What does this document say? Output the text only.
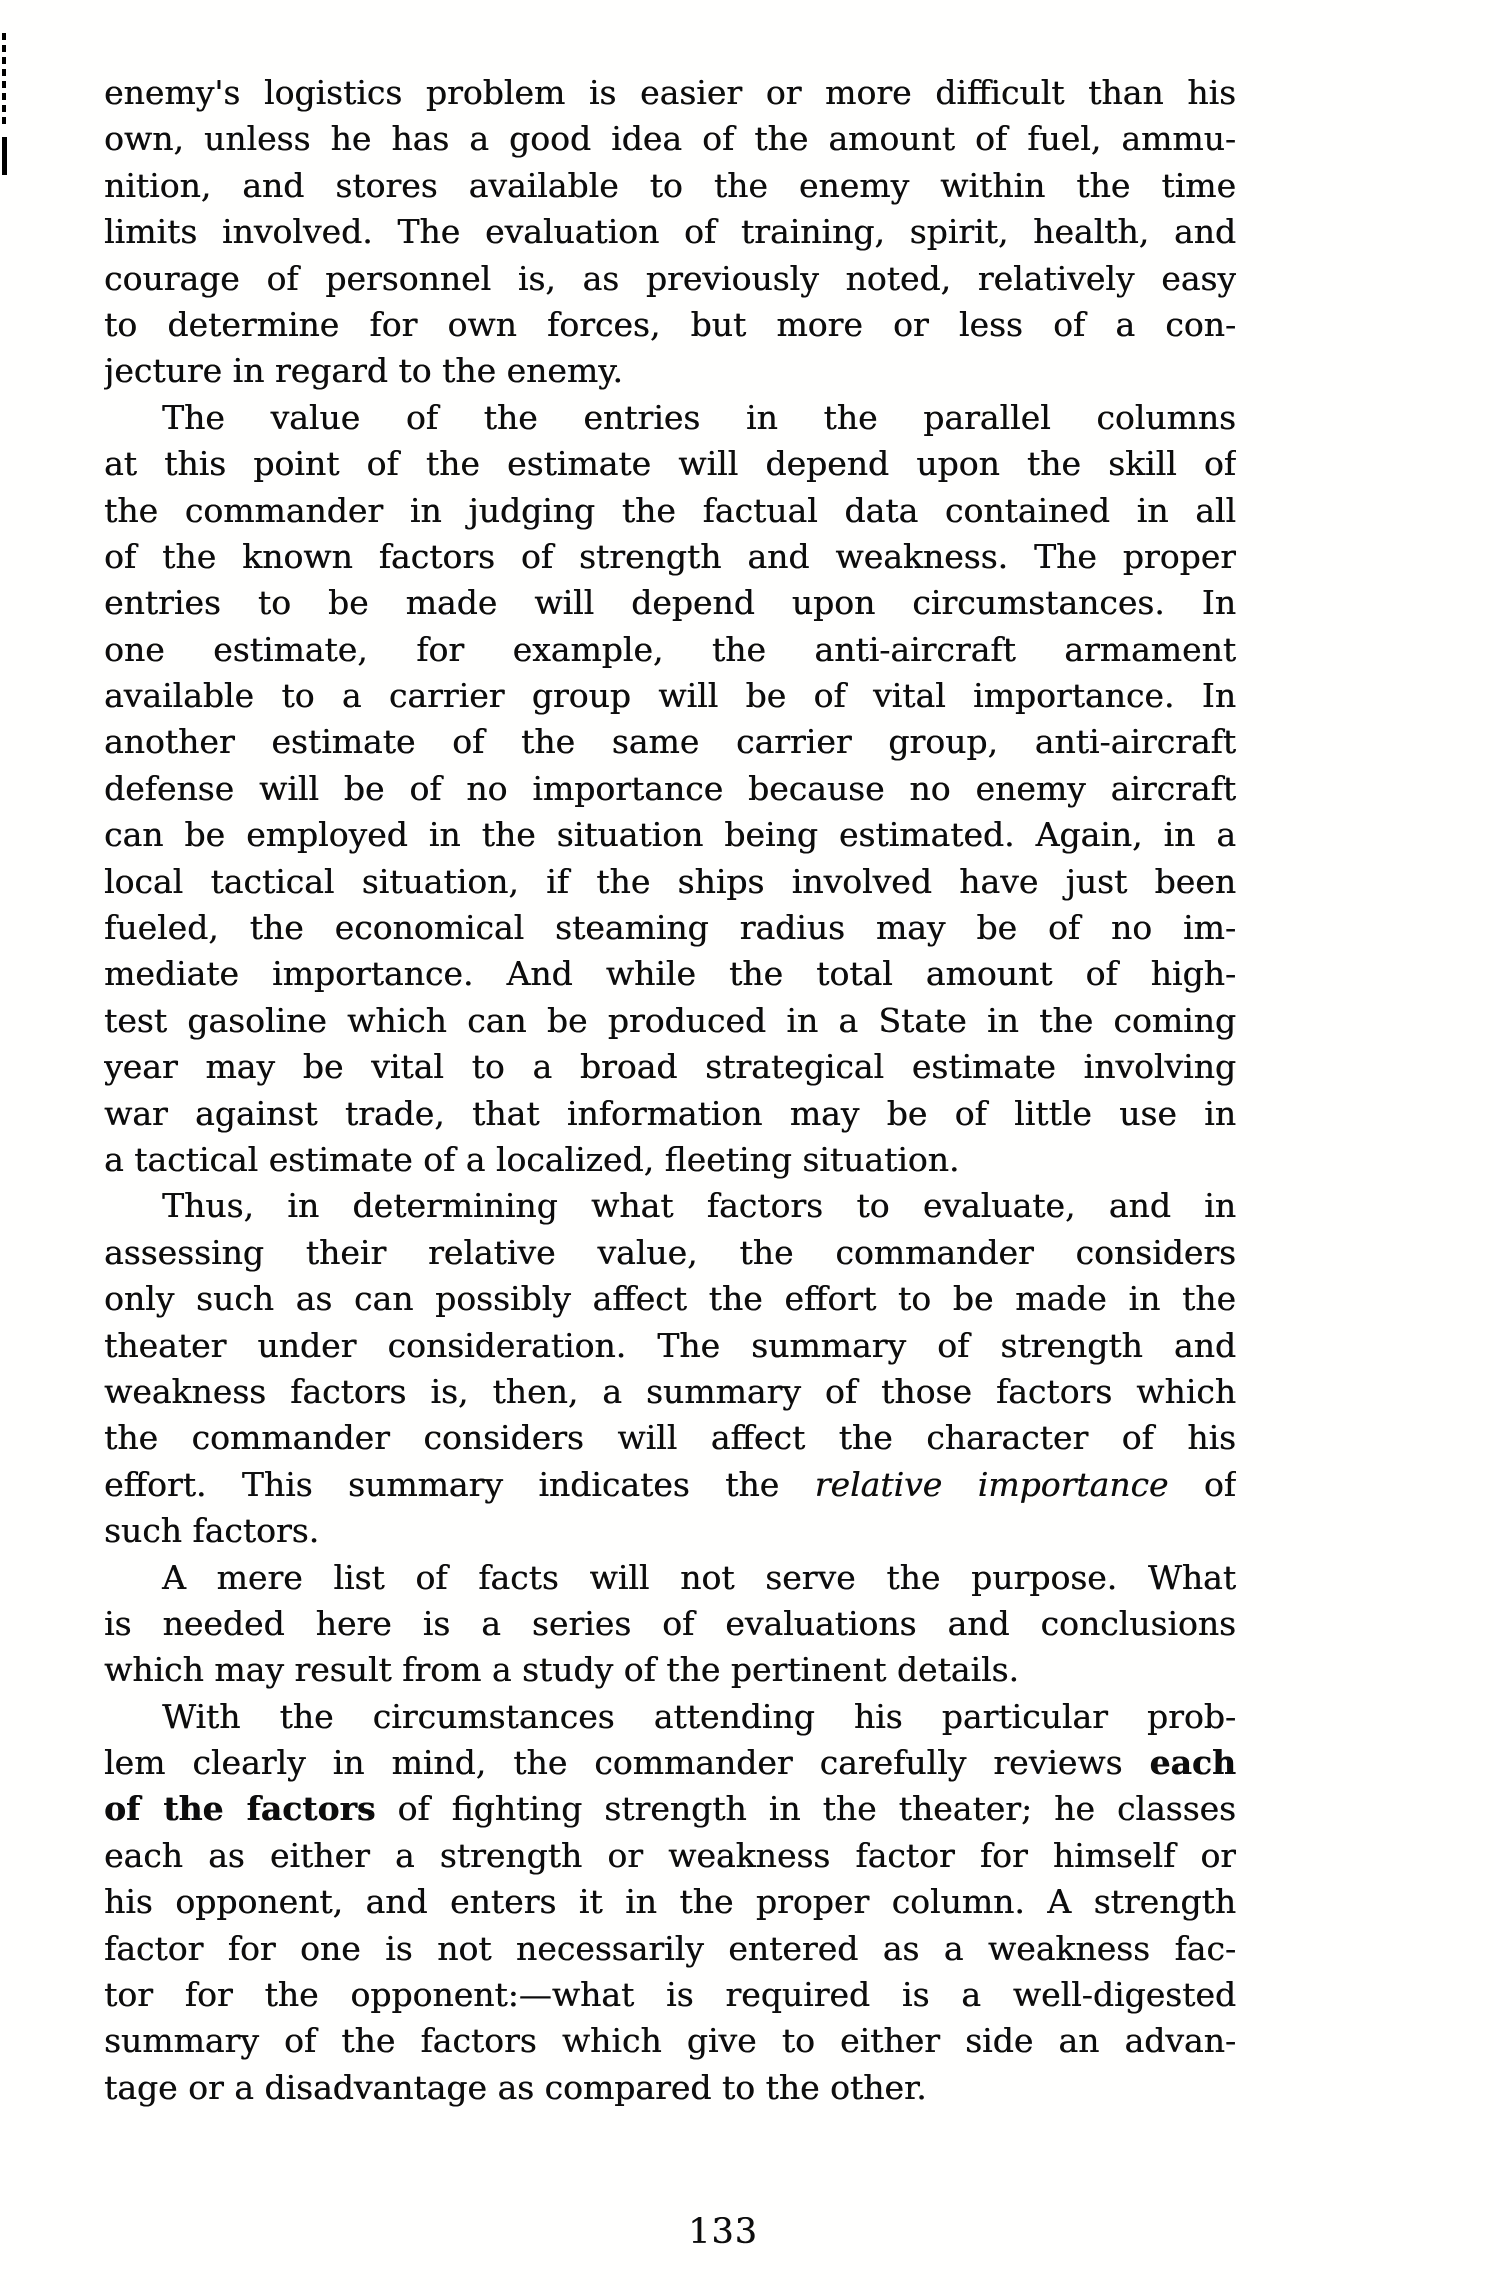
enemy's logistics problem is easier or more difficult than his
own, unless he has a good idea of the amount of fuel, ammu-
nition, and stores available to the enemy within the time
limits involved. The evaluation of training, spirit, health, and
courage of personnel is, as previously noted, relatively easy
to determine for own forces, but more or less of a con-
jecture in regard to the enemy.
The value of the entries in the parallel columns
at this point of the estimate will depend upon the skill of
the commander in judging the factual data contained in all
of the known factors of strength and weakness. The proper
entries to be made will depend upon circumstances. In
one estimate, for example, the anti-aircraft armament
available to a carrier group will be of vital importance. In
another estimate of the same carrier group, anti-aircraft
defense will be of no importance because no enemy aircraft
can be employed in the situation being estimated. Again, in a
local tactical situation, if the ships involved have just been
fueled, the economical steaming radius may be of no im-
mediate importance. And while the total amount of high-
test gasoline which can be produced in a State in the coming
year may be vital to a broad strategical estimate involving
war against trade, that information may be of little use in
a tactical estimate of a localized, fleeting situation.
Thus, in determining what factors to evaluate, and in
assessing their relative value, the commander considers
only such as can possibly affect the effort to be made in the
theater under consideration. The summary of strength and
weakness factors is, then, a summary of those factors which
the commander considers will affect the character of his
effort. This summary indicates the relative importance of
such factors.
A mere list of facts will not serve the purpose. What
is needed here is a series of evaluations and conclusions
which may result from a study of the pertinent details.
With the circumstances attending his particular prob-
lem clearly in mind, the commander carefully reviews each
of the factors of fighting strength in the theater; he classes
each as either a strength or weakness factor for himself or
his opponent, and enters it in the proper column. A strength
factor for one is not necessarily entered as a weakness fac-
tor for the opponent:—what is required is a well-digested
summary of the factors which give to either side an advan-
tage or a disadvantage as compared to the other.
133
